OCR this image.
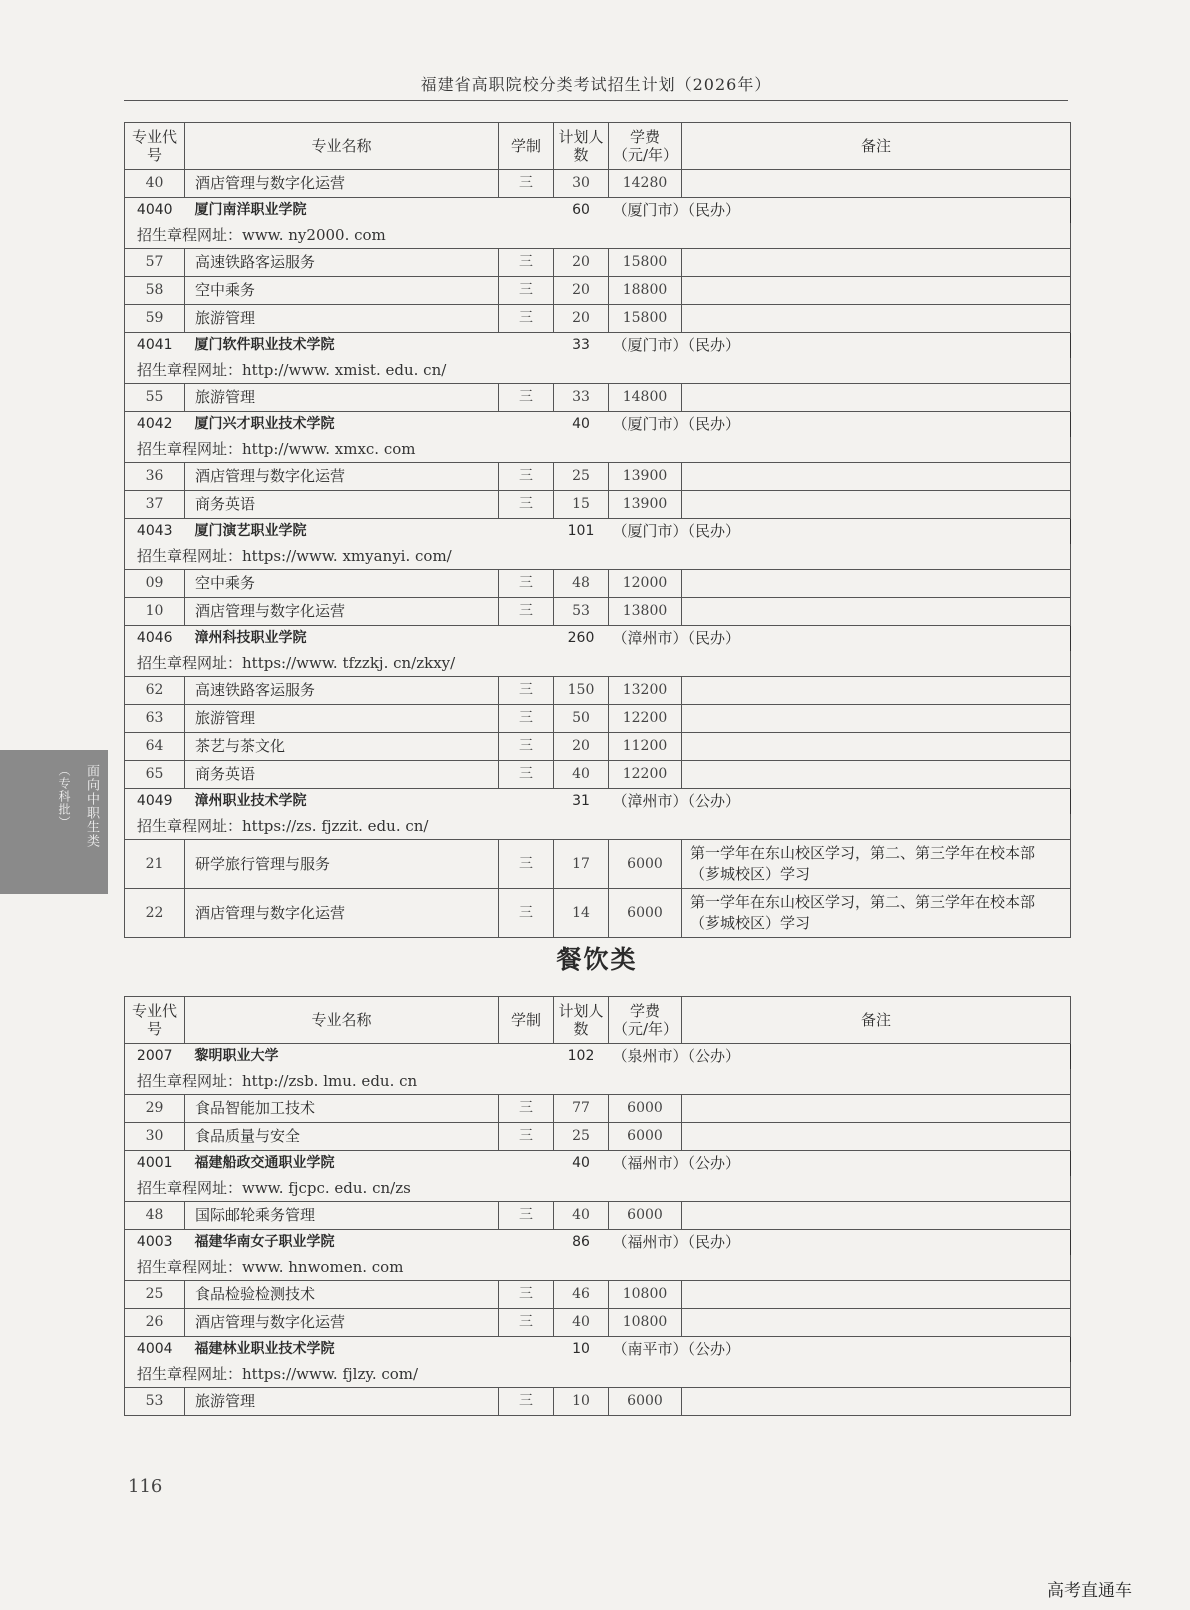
福建省高职院校分类考试招生计划（2026年）
面向中职生类
（专科批）
专业代号	专业名称	学制	计划人数	学费（元/年）	备注
40	酒店管理与数字化运营	三	30	14280	
4040	厦门南洋职业学院		60	（厦门市）（民办）	
招生章程网址：www. ny2000. com					
57	高速铁路客运服务	三	20	15800	
58	空中乘务	三	20	18800	
59	旅游管理	三	20	15800	
4041	厦门软件职业技术学院		33	（厦门市）（民办）	
招生章程网址：http://www. xmist. edu. cn/					
55	旅游管理	三	33	14800	
4042	厦门兴才职业技术学院		40	（厦门市）（民办）	
招生章程网址：http://www. xmxc. com					
36	酒店管理与数字化运营	三	25	13900	
37	商务英语	三	15	13900	
4043	厦门演艺职业学院		101	（厦门市）（民办）	
招生章程网址：https://www. xmyanyi. com/					
09	空中乘务	三	48	12000	
10	酒店管理与数字化运营	三	53	13800	
4046	漳州科技职业学院		260	（漳州市）（民办）	
招生章程网址：https://www. tfzzkj. cn/zkxy/					
62	高速铁路客运服务	三	150	13200	
63	旅游管理	三	50	12200	
64	茶艺与茶文化	三	20	11200	
65	商务英语	三	40	12200	
4049	漳州职业技术学院		31	（漳州市）（公办）	
招生章程网址：https://zs. fjzzit. edu. cn/					
21	研学旅行管理与服务	三	17	6000	第一学年在东山校区学习，第二、第三学年在校本部（芗城校区）学习
22	酒店管理与数字化运营	三	14	6000	第一学年在东山校区学习，第二、第三学年在校本部（芗城校区）学习
餐饮类
专业代号	专业名称	学制	计划人数	学费（元/年）	备注
2007	黎明职业大学		102	（泉州市）（公办）	
招生章程网址：http://zsb. lmu. edu. cn					
29	食品智能加工技术	三	77	6000	
30	食品质量与安全	三	25	6000	
4001	福建船政交通职业学院		40	（福州市）（公办）	
招生章程网址：www. fjcpc. edu. cn/zs					
48	国际邮轮乘务管理	三	40	6000	
4003	福建华南女子职业学院		86	（福州市）（民办）	
招生章程网址：www. hnwomen. com					
25	食品检验检测技术	三	46	10800	
26	酒店管理与数字化运营	三	40	10800	
4004	福建林业职业技术学院		10	（南平市）（公办）	
招生章程网址：https://www. fjlzy. com/					
53	旅游管理	三	10	6000	
116
高考直通车
